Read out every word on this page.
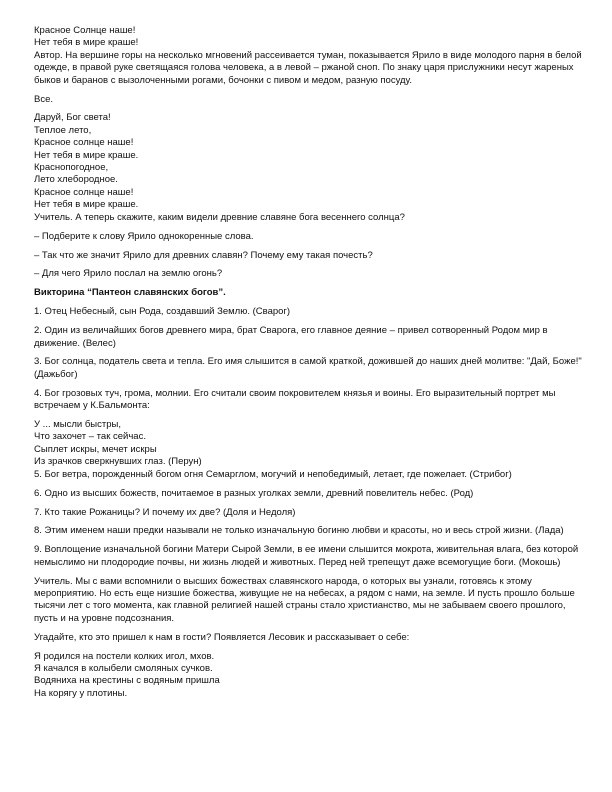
Красное Солнце наше!
Нет тебя в мире краше!
Автор. На вершине горы на несколько мгновений рассеивается туман, показывается Ярило в виде молодого парня в белой одежде, в правой руке светящаяся голова человека, а в левой – ржаной сноп. По знаку царя прислужники несут жареных быков и баранов с вызолоченными рогами, бочонки с пивом и медом, разную посуду.
Все.
Даруй, Бог света!
Теплое лето,
Красное солнце наше!
Нет тебя в мире краше.
Краснопогодное,
Лето хлебородное.
Красное солнце наше!
Нет тебя в мире краше.
Учитель. А теперь скажите, каким видели древние славяне бога весеннего солнца?
– Подберите к слову Ярило однокоренные слова.
– Так что же значит Ярило для древних славян? Почему ему такая почесть?
– Для чего Ярило послал на землю огонь?
Викторина “Пантеон славянских богов”.
1. Отец Небесный, сын Рода, создавший Землю. (Сварог)
2. Один из величайших богов древнего мира, брат Сварога, его главное деяние – привел сотворенный Родом мир в движение. (Велес)
3. Бог солнца, податель света и тепла. Его имя слышится в самой краткой, дожившей до наших дней молитве: "Дай, Боже!" (Дажьбог)
4. Бог грозовых туч, грома, молнии. Его считали своим покровителем князья и воины. Его выразительный портрет мы встречаем у К.Бальмонта:
У ... мысли быстры,
Что захочет – так сейчас.
Сыплет искры, мечет искры
Из зрачков сверкнувших глаз. (Перун)
5. Бог ветра, порожденный богом огня Семарглом, могучий и непобедимый, летает, где пожелает. (Стрибог)
6. Одно из высших божеств, почитаемое в разных уголках земли, древний повелитель небес. (Род)
7. Кто такие Рожаницы? И почему их две? (Доля и Недоля)
8. Этим именем наши предки называли не только изначальную богиню любви и красоты, но и весь строй жизни. (Лада)
9. Воплощение изначальной богини Матери Сырой Земли, в ее имени слышится мокрота, живительная влага, без которой немыслимо ни плодородие почвы, ни жизнь людей и животных. Перед ней трепещут даже всемогущие боги. (Мокошь)
Учитель. Мы с вами вспомнили о высших божествах славянского народа, о которых вы узнали, готовясь к этому мероприятию. Но есть еще низшие божества, живущие не на небесах, а рядом с нами, на земле. И пусть прошло больше тысячи лет с того момента, как главной религией нашей страны стало христианство, мы не забываем своего прошлого, пусть и на уровне подсознания.
Угадайте, кто это пришел к нам в гости? Появляется Лесовик и рассказывает о себе:
Я родился на постели колких игол, мхов.
Я качался в колыбели смоляных сучков.
Водяниха на крестины с водяным пришла
На корягу у плотины.
